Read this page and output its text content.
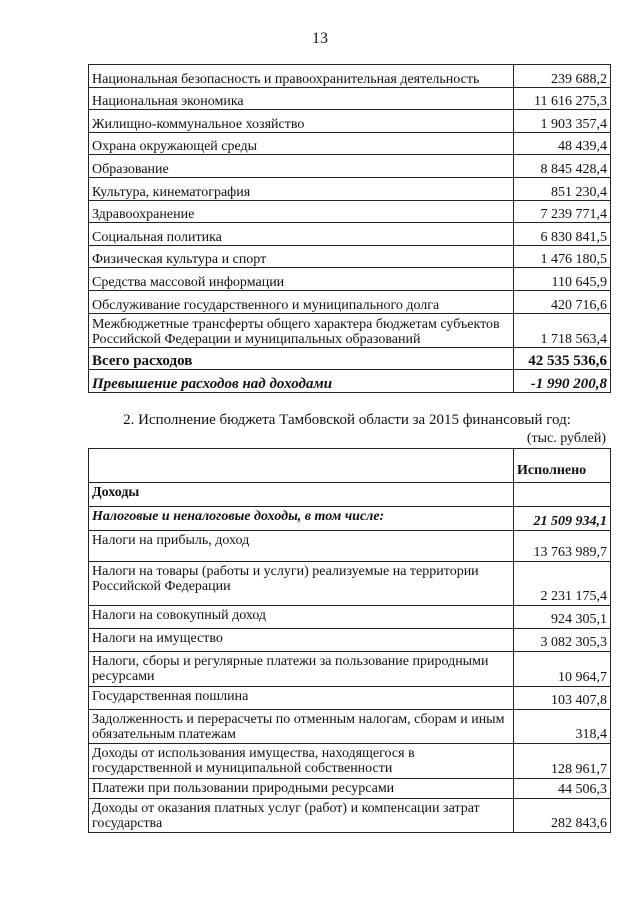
13
Национальная безопасность и правоохранительная деятельность	239 688,2
Национальная экономика	11 616 275,3
Жилищно-коммунальное хозяйство	1 903 357,4
Охрана окружающей среды	48 439,4
Образование	8 845 428,4
Культура, кинематография	851 230,4
Здравоохранение	7 239 771,4
Социальная политика	6 830 841,5
Физическая культура и спорт	1 476 180,5
Средства массовой информации	110 645,9
Обслуживание государственного и муниципального долга	420 716,6
Межбюджетные трансферты общего характера бюджетам субъектов Российской Федерации и муниципальных образований	1 718 563,4
Всего расходов	42 535 536,6
Превышение расходов над доходами	-1 990 200,8
2. Исполнение бюджета Тамбовской области за 2015 финансовый год:
(тыс. рублей)
	Исполнено
Доходы	
Налоговые и неналоговые доходы, в том числе:	21 509 934,1
Налоги на прибыль, доход	13 763 989,7
Налоги на товары (работы и услуги) реализуемые на территории Российской Федерации	2 231 175,4
Налоги на совокупный доход	924 305,1
Налоги на имущество	3 082 305,3
Налоги, сборы и регулярные платежи за пользование природными ресурсами	10 964,7
Государственная пошлина	103 407,8
Задолженность и перерасчеты по отменным налогам, сборам и иным обязательным платежам	318,4
Доходы от использования имущества, находящегося в государственной и муниципальной собственности	128 961,7
Платежи при пользовании природными ресурсами	44 506,3
Доходы от оказания платных услуг (работ) и компенсации затрат государства	282 843,6
